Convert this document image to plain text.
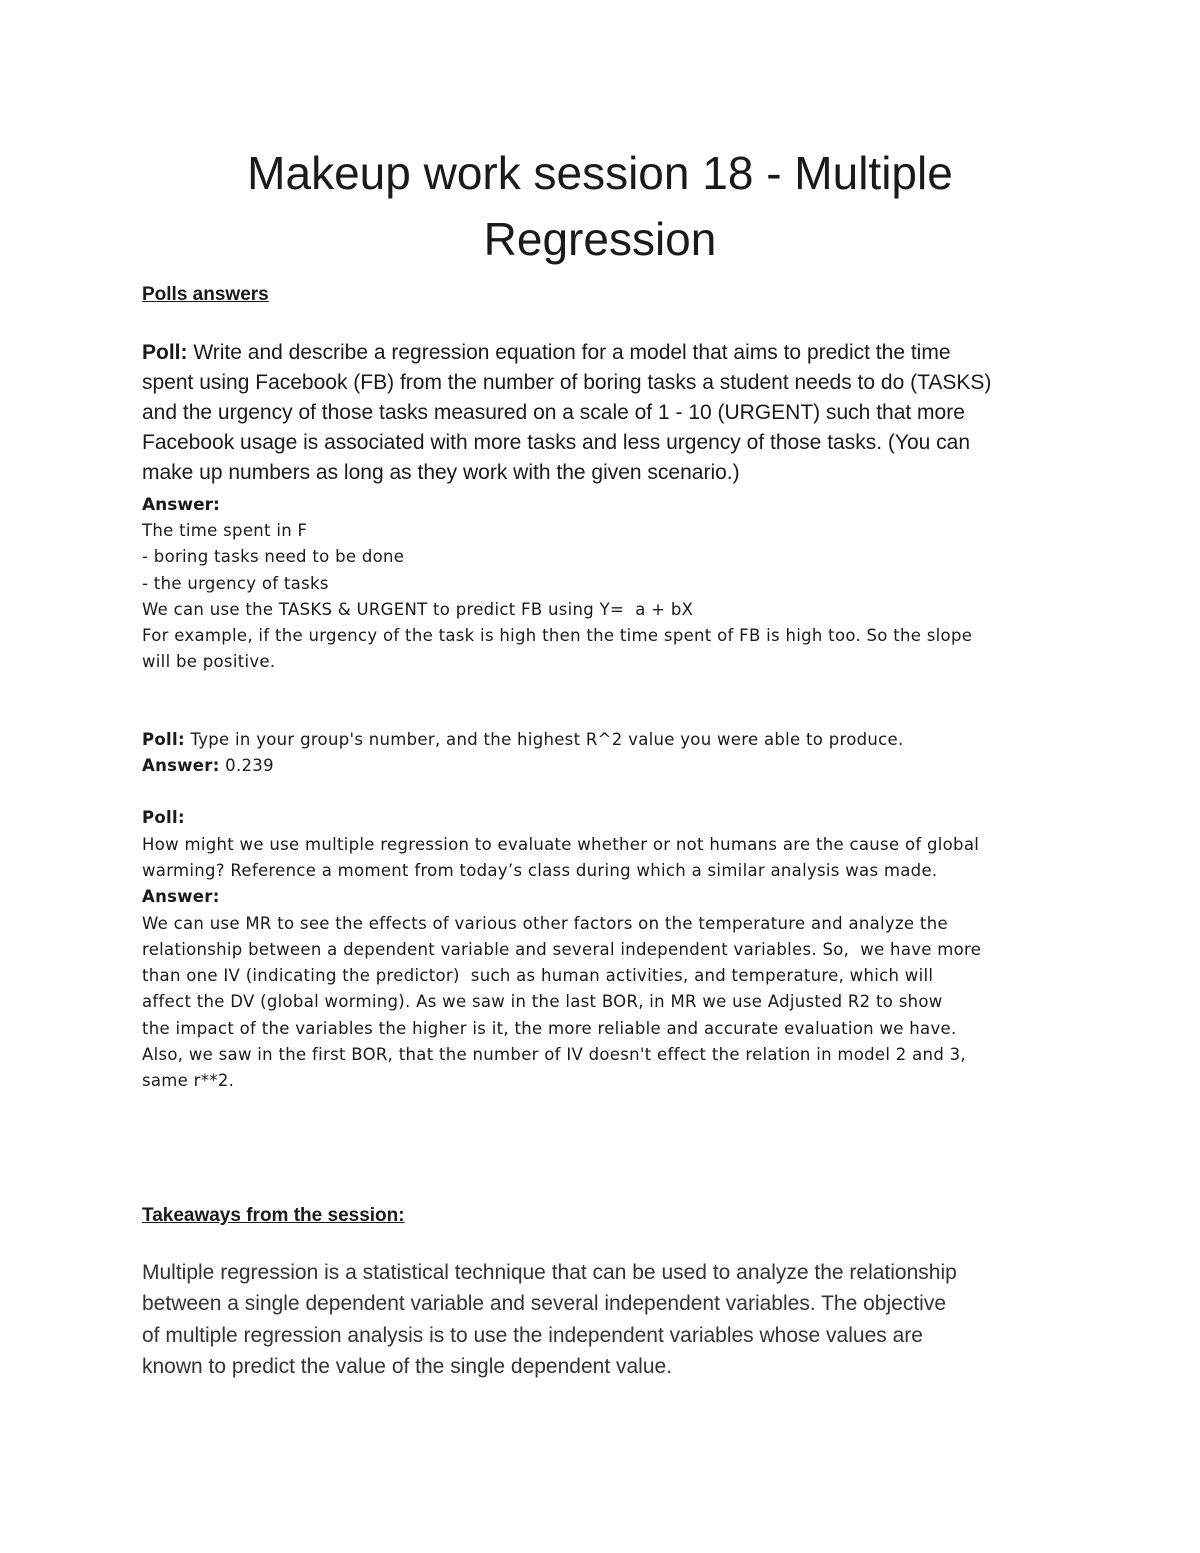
Makeup work session 18 - Multiple
Regression

Polls answers

Poll: Write and describe a regression equation for a model that aims to predict the time
spent using Facebook (FB) from the number of boring tasks a student needs to do (TASKS)
and the urgency of those tasks measured on a scale of 1 - 10 (URGENT) such that more
Facebook usage is associated with more tasks and less urgency of those tasks. (You can
make up numbers as long as they work with the given scenario.)

Answer:

The time spent in F
- boring tasks need to be done
- the urgency of tasks
We can use the TASKS & URGENT to predict FB using Y=  a + bX
For example, if the urgency of the task is high then the time spent of FB is high too. So the slope
will be positive.
Poll: Type in your group's number, and the highest R^2 value you were able to produce.
Answer: 0.239
Poll:
How might we use multiple regression to evaluate whether or not humans are the cause of global
warming? Reference a moment from today’s class during which a similar analysis was made.
Answer:
We can use MR to see the effects of various other factors on the temperature and analyze the
relationship between a dependent variable and several independent variables. So,  we have more
than one IV (indicating the predictor)  such as human activities, and temperature, which will
affect the DV (global worming). As we saw in the last BOR, in MR we use Adjusted R2 to show
the impact of the variables the higher is it, the more reliable and accurate evaluation we have.
Also, we saw in the first BOR, that the number of IV doesn't effect the relation in model 2 and 3,
same r**2.

Takeaways from the session:

Multiple regression is a statistical technique that can be used to analyze the relationship
between a single dependent variable and several independent variables. The objective
of multiple regression analysis is to use the independent variables whose values are
known to predict the value of the single dependent value.
